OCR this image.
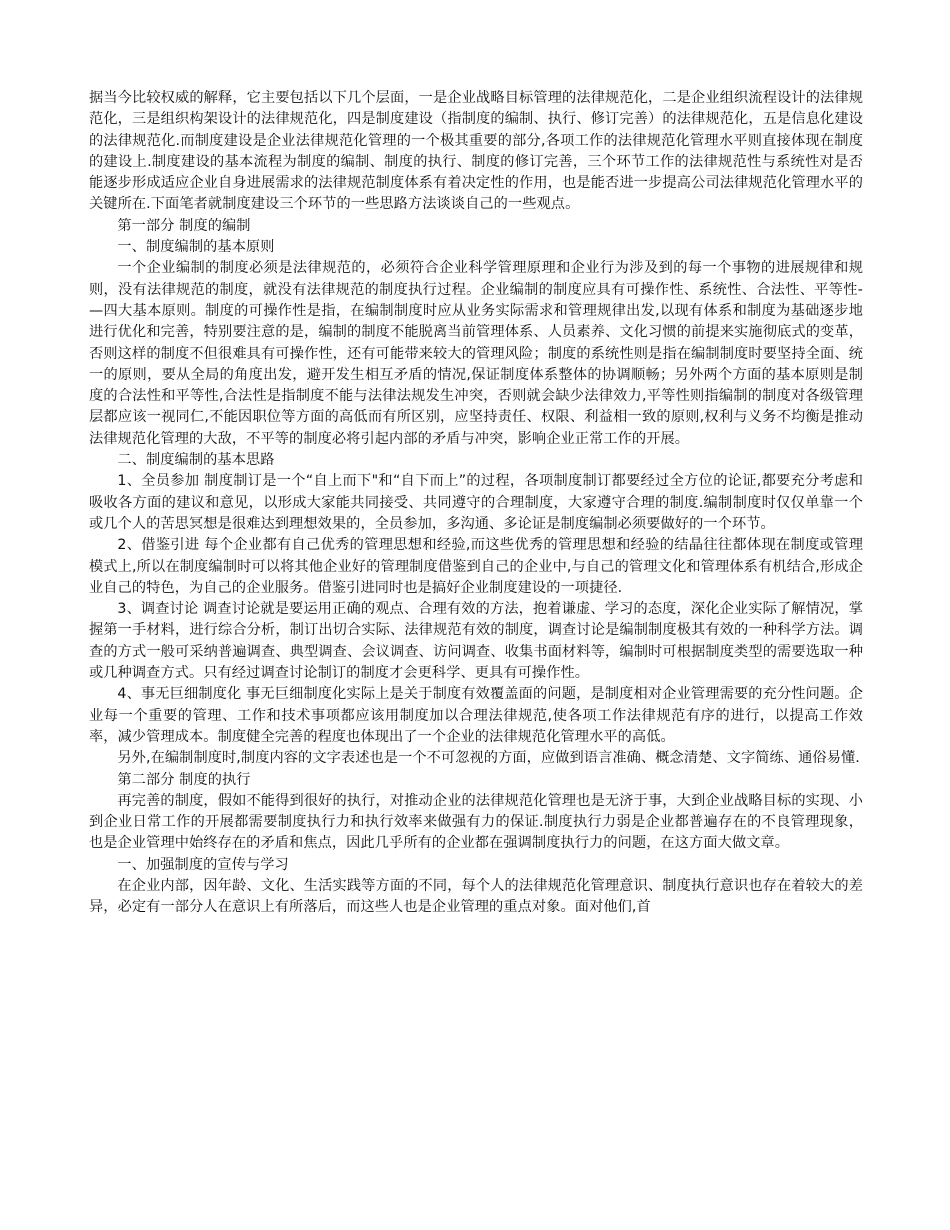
据当今比较权威的解释，它主要包括以下几个层面，一是企业战略目标管理的法律规范化，二是企业组织流程设计的法律规范化，三是组织构架设计的法律规范化，四是制度建设（指制度的编制、执行、修订完善）的法律规范化，五是信息化建设的法律规范化.而制度建设是企业法律规范化管理的一个极其重要的部分,各项工作的法律规范化管理水平则直接体现在制度的建设上.制度建设的基本流程为制度的编制、制度的执行、制度的修订完善，三个环节工作的法律规范性与系统性对是否能逐步形成适应企业自身进展需求的法律规范制度体系有着决定性的作用，也是能否进一步提高公司法律规范化管理水平的关键所在.下面笔者就制度建设三个环节的一些思路方法谈谈自己的一些观点。

第一部分 制度的编制

一、制度编制的基本原则

一个企业编制的制度必须是法律规范的，必须符合企业科学管理原理和企业行为涉及到的每一个事物的进展规律和规则，没有法律规范的制度，就没有法律规范的制度执行过程。企业编制的制度应具有可操作性、系统性、合法性、平等性-—四大基本原则。制度的可操作性是指，在编制制度时应从业务实际需求和管理规律出发,以现有体系和制度为基础逐步地进行优化和完善，特别要注意的是，编制的制度不能脱离当前管理体系、人员素养、文化习惯的前提来实施彻底式的变革，否则这样的制度不但很难具有可操作性，还有可能带来较大的管理风险；制度的系统性则是指在编制制度时要坚持全面、统一的原则，要从全局的角度出发，避开发生相互矛盾的情况,保证制度体系整体的协调顺畅；另外两个方面的基本原则是制度的合法性和平等性,合法性是指制度不能与法律法规发生冲突，否则就会缺少法律效力,平等性则指编制的制度对各级管理层都应该一视同仁,不能因职位等方面的高低而有所区别，应坚持责任、权限、利益相一致的原则,权利与义务不均衡是推动法律规范化管理的大敌，不平等的制度必将引起内部的矛盾与冲突，影响企业正常工作的开展。

二、制度编制的基本思路

1、全员参加 制度制订是一个“自上而下"和“自下而上”的过程，各项制度制订都要经过全方位的论证,都要充分考虑和吸收各方面的建议和意见，以形成大家能共同接受、共同遵守的合理制度，大家遵守合理的制度.编制制度时仅仅单靠一个或几个人的苦思冥想是很难达到理想效果的，全员参加，多沟通、多论证是制度编制必须要做好的一个环节。

2、借鉴引进 每个企业都有自己优秀的管理思想和经验,而这些优秀的管理思想和经验的结晶往往都体现在制度或管理模式上,所以在制度编制时可以将其他企业好的管理制度借鉴到自己的企业中,与自己的管理文化和管理体系有机结合,形成企业自己的特色，为自己的企业服务。借鉴引进同时也是搞好企业制度建设的一项捷径.

3、调查讨论 调查讨论就是要运用正确的观点、合理有效的方法，抱着谦虚、学习的态度，深化企业实际了解情况，掌握第一手材料，进行综合分析，制订出切合实际、法律规范有效的制度，调查讨论是编制制度极其有效的一种科学方法。调查的方式一般可采纳普遍调查、典型调查、会议调查、访问调查、收集书面材料等，编制时可根据制度类型的需要选取一种或几种调查方式。只有经过调查讨论制订的制度才会更科学、更具有可操作性。

4、事无巨细制度化 事无巨细制度化实际上是关于制度有效覆盖面的问题，是制度相对企业管理需要的充分性问题。企业每一个重要的管理、工作和技术事项都应该用制度加以合理法律规范,使各项工作法律规范有序的进行，以提高工作效率，减少管理成本。制度健全完善的程度也体现出了一个企业的法律规范化管理水平的高低。

另外,在编制制度时,制度内容的文字表述也是一个不可忽视的方面，应做到语言准确、概念清楚、文字简练、通俗易懂.

第二部分 制度的执行

再完善的制度，假如不能得到很好的执行，对推动企业的法律规范化管理也是无济于事，大到企业战略目标的实现、小到企业日常工作的开展都需要制度执行力和执行效率来做强有力的保证.制度执行力弱是企业都普遍存在的不良管理现象，也是企业管理中始终存在的矛盾和焦点，因此几乎所有的企业都在强调制度执行力的问题，在这方面大做文章。

一、加强制度的宣传与学习

在企业内部，因年龄、文化、生活实践等方面的不同，每个人的法律规范化管理意识、制度执行意识也存在着较大的差异，必定有一部分人在意识上有所落后，而这些人也是企业管理的重点对象。面对他们,首
